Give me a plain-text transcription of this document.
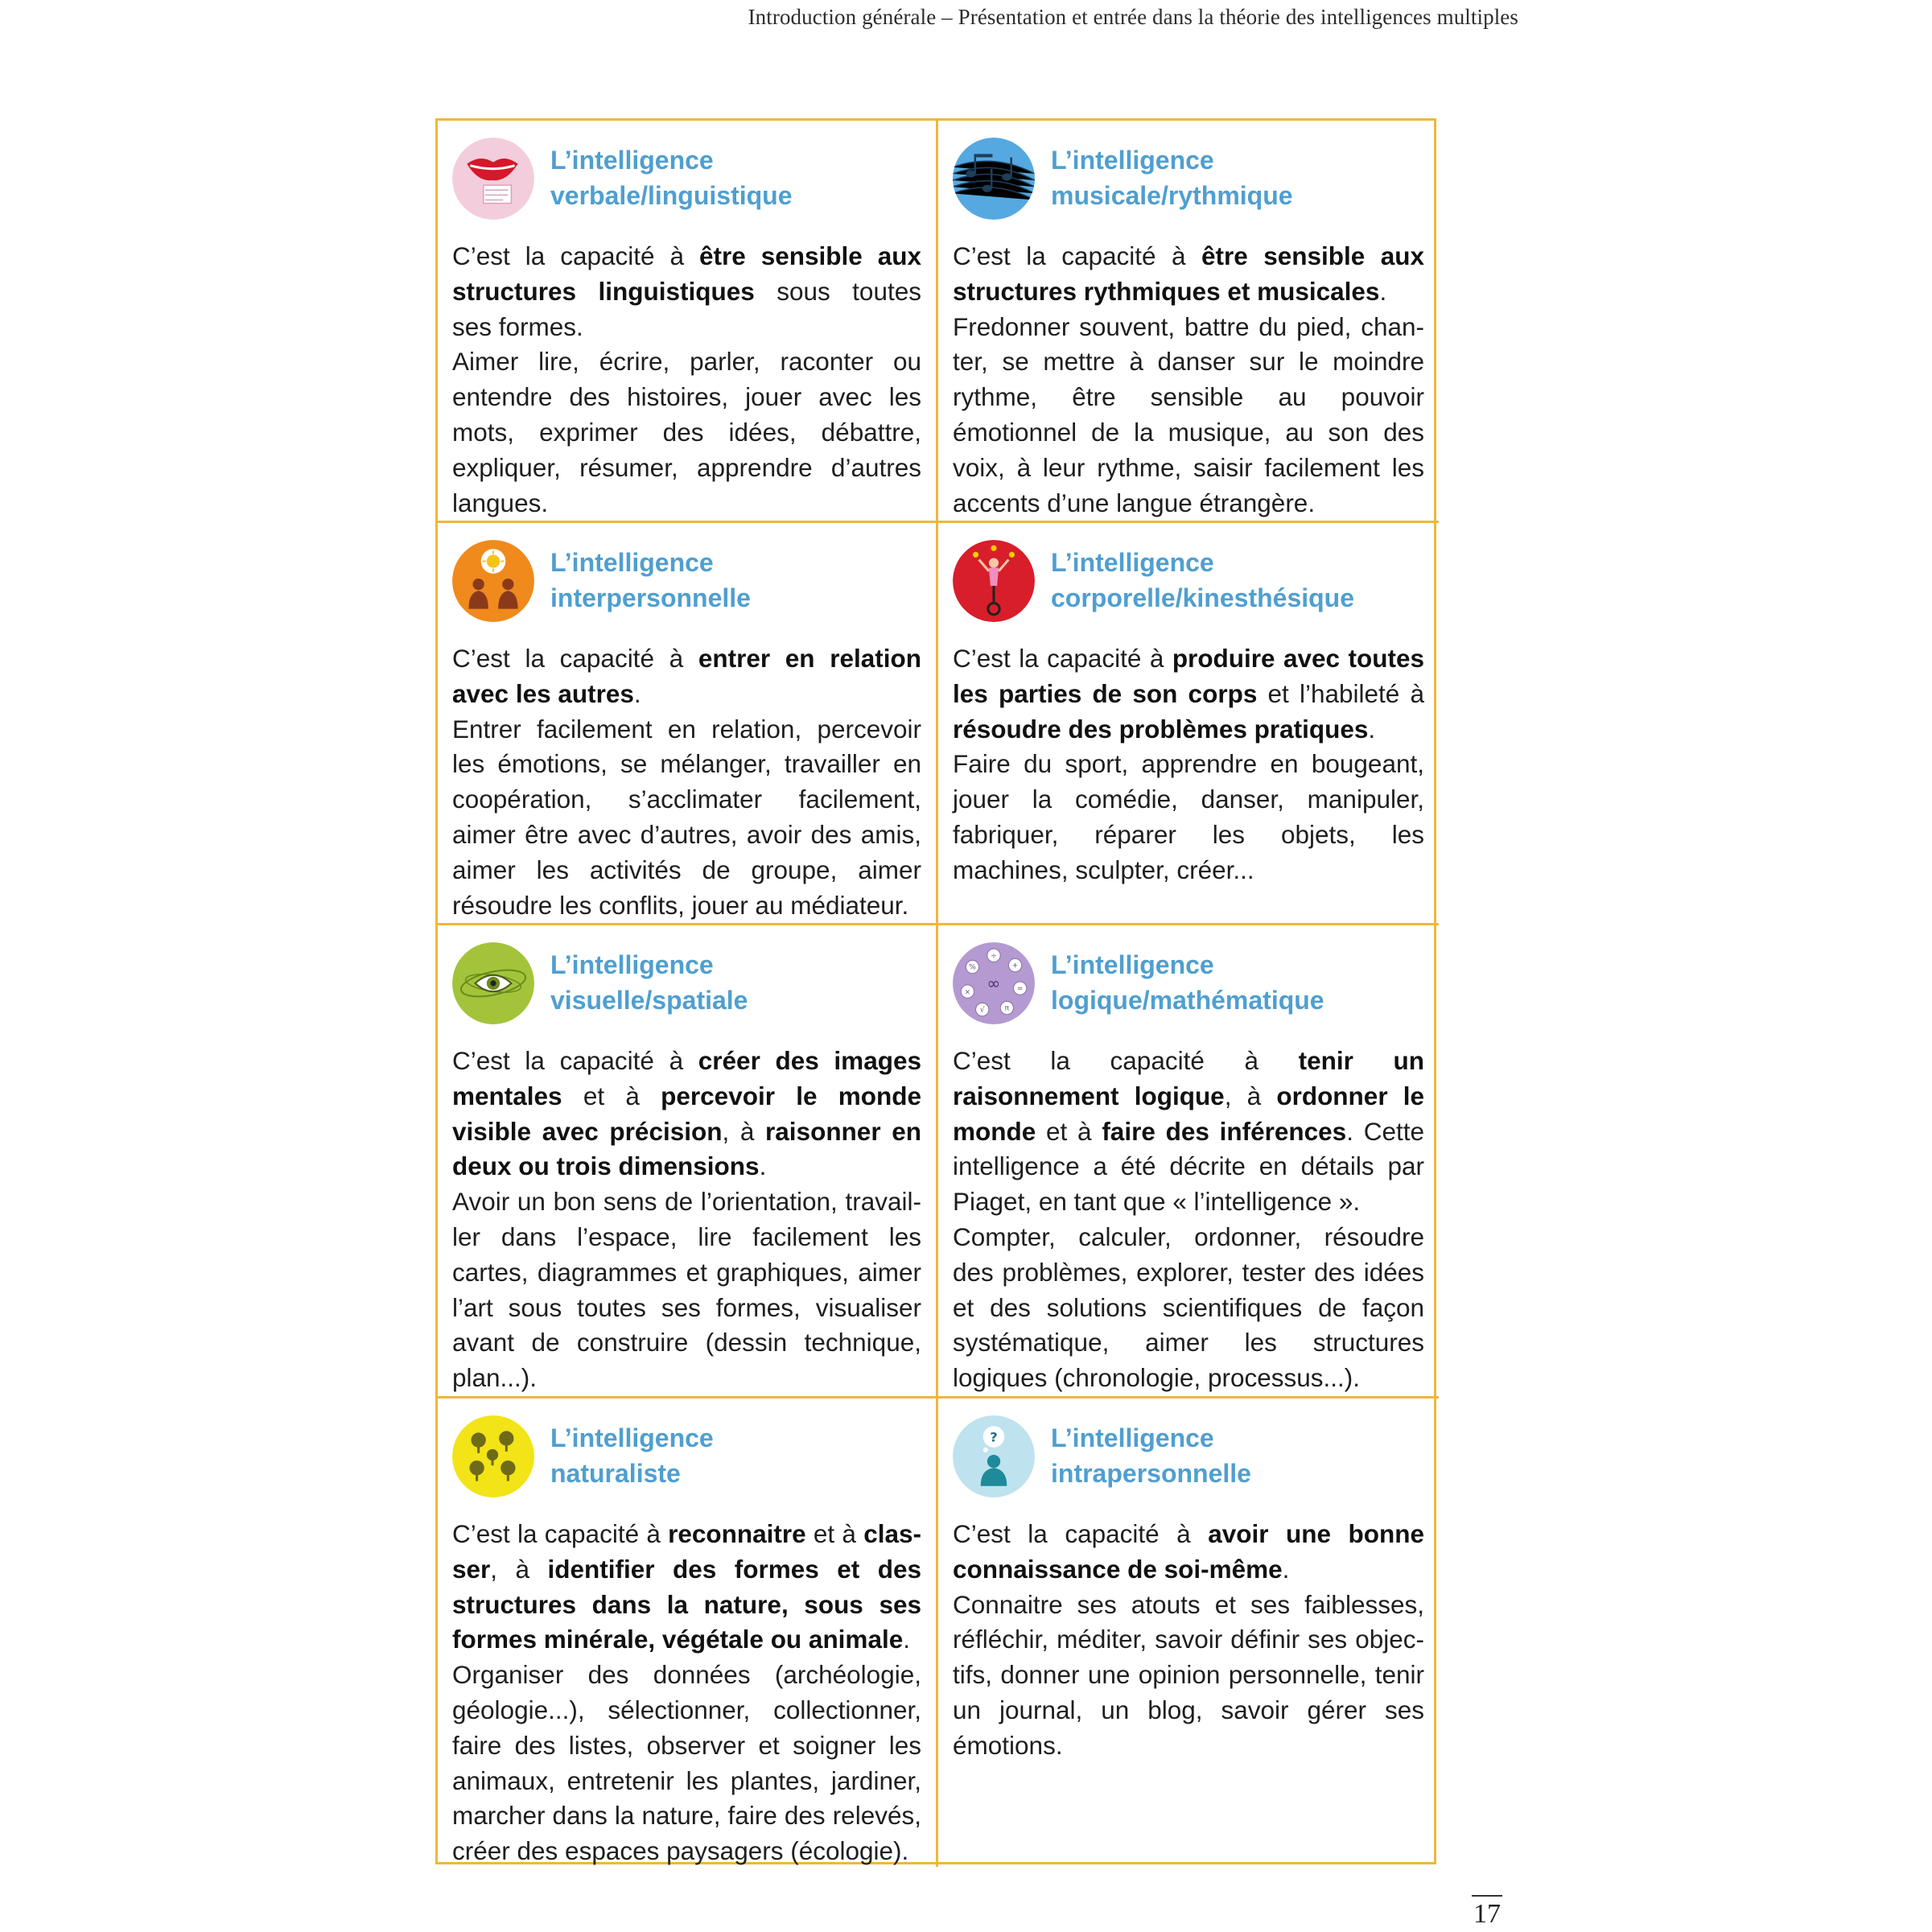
Introduction générale – Présentation et entrée dans la théorie des intelligences multiples
L’intelligence
verbale/linguistique

C’est la capacité à être sensible aux structures linguistiques sous toutes ses formes.

Aimer lire, écrire, parler, raconter ou entendre des histoires, jouer avec les mots, exprimer des idées, débattre, expliquer, résumer, apprendre d’autres langues.

L’intelligence
musicale/rythmique

C’est la capacité à être sensible aux structures rythmiques et musicales.

Fredonner souvent, battre du pied, chanter, se mettre à danser sur le moindre rythme, être sensible au pouvoir émotionnel de la musique, au son des voix, à leur rythme, saisir facilement les accents d’une langue étrangère.

L’intelligence
interpersonnelle

C’est la capacité à entrer en relation avec les autres.

Entrer facilement en relation, percevoir les émotions, se mélanger, travailler en coopération, s’acclimater facilement, aimer être avec d’autres, avoir des amis, aimer les activités de groupe, aimer résoudre les conflits, jouer au médiateur.

L’intelligence
corporelle/kinesthésique

C’est la capacité à produire avec toutes les parties de son corps et l’habileté à résoudre des problèmes pratiques.

Faire du sport, apprendre en bougeant, jouer la comédie, danser, manipuler, fabriquer, réparer les objets, les machines, sculpter, créer...

L’intelligence
visuelle/spatiale

C’est la capacité à créer des images mentales et à percevoir le monde visible avec précision, à raisonner en deux ou trois dimensions.

Avoir un bon sens de l’orientation, travailler dans l’espace, lire facilement les cartes, diagrammes et graphiques, aimer l’art sous toutes ses formes, visualiser avant de construire (dessin technique, plan...).

÷
+
=
π
√
×
%
∞
L’intelligence
logique/mathématique

C’est la capacité à tenir un raisonnement logique, à ordonner le monde et à faire des inférences. Cette intelligence a été décrite en détails par Piaget, en tant que « l’intelligence ».

Compter, calculer, ordonner, résoudre des problèmes, explorer, tester des idées et des solutions scientifiques de façon systématique, aimer les structures logiques (chronologie, processus...).

L’intelligence
naturaliste

C’est la capacité à reconnaitre et à classer, à identifier des formes et des structures dans la nature, sous ses formes minérale, végétale ou animale.

Organiser des données (archéologie, géologie...), sélectionner, collectionner, faire des listes, observer et soigner les animaux, entretenir les plantes, jardiner, marcher dans la nature, faire des relevés, créer des espaces paysagers (écologie).

? L’intelligence
intrapersonnelle

C’est la capacité à avoir une bonne connaissance de soi-même.

Connaitre ses atouts et ses faiblesses, réfléchir, méditer, savoir définir ses objectifs, donner une opinion personnelle, tenir un journal, un blog, savoir gérer ses émotions.

17
